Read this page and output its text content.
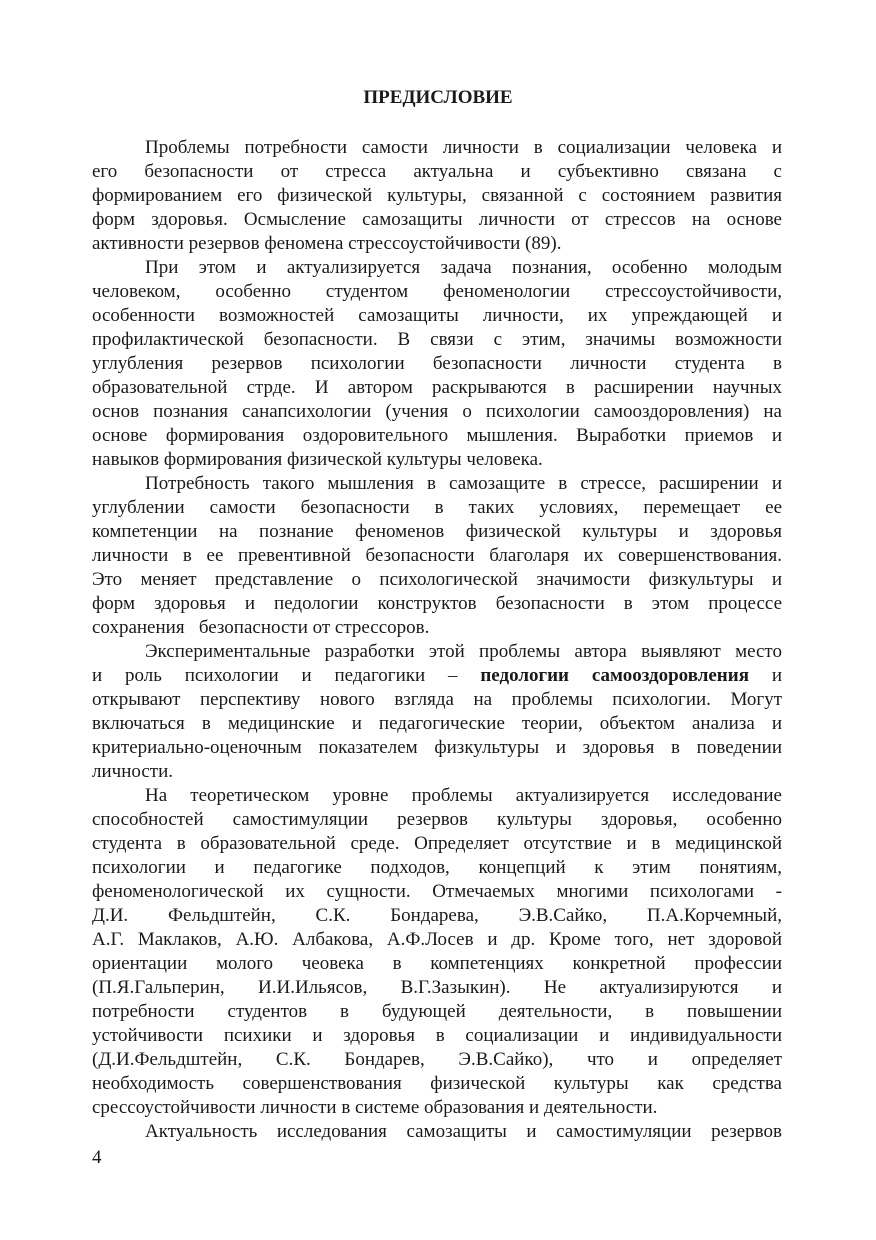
ПРЕДИСЛОВИЕ

Проблемы потребности самости личности в социализации человека и

его безопасности от стресса актуальна и субъективно связана с

формированием его физической культуры, связанной с состоянием развития

форм здоровья. Осмысление самозащиты личности от стрессов на основе

активности резервов феномена стрессоустойчивости (89).

При этом и актуализируется задача познания, особенно молодым

человеком, особенно студентом феноменологии стрессоустойчивости,

особенности возможностей самозащиты личности, их упреждающей и

профилактической безопасности. В связи с этим, значимы возможности

углубления резервов психологии безопасности личности студента в

образовательной стрде. И автором раскрываются в расширении научных

основ познания санапсихологии (учения о психологии самооздоровления) на

основе формирования оздоровительного мышления. Выработки приемов и

навыков формирования физической культуры человека.

Потребность такого мышления в самозащите в стрессе, расширении и

углублении самости безопасности в таких условиях, перемещает ее

компетенции на познание феноменов физической культуры и здоровья

личности в ее превентивной безопасности благоларя их совершенствования.

Это меняет представление о психологической значимости физкультуры и

форм здоровья и педологии конструктов безопасности в этом процессе

сохранения   безопасности от стрессоров.

Экспериментальные разработки этой проблемы автора выявляют место

и роль психологии и педагогики – педологии самооздоровления и

открывают перспективу нового взгляда на проблемы психологии. Могут

включаться в медицинские и педагогические теории, объектом анализа и

критериально-оценочным показателем физкультуры и здоровья в поведении

личности.

На теоретическом уровне проблемы актуализируется исследование

способностей самостимуляции резервов культуры здоровья, особенно

студента в образовательной среде. Определяет отсутствие и в медицинской

психологии и педагогике подходов, концепций к этим понятиям,

феноменологической их сущности. Отмечаемых многими психологами -

Д.И. Фельдштейн, С.К. Бондарева, Э.В.Сайко, П.А.Корчемный,

А.Г. Маклаков, А.Ю. Албакова, А.Ф.Лосев и др. Кроме того, нет здоровой

ориентации молого чеовека в компетенциях конкретной профессии

(П.Я.Гальперин, И.И.Ильясов, В.Г.Зазыкин). Не актуализируются и

потребности студентов в будующей деятельности, в повышении

устойчивости психики и здоровья в социализации и индивидуальности

(Д.И.Фельдштейн, С.К. Бондарев, Э.В.Сайко), что и определяет

необходимость совершенствования физической культуры как средства

срессоустойчивости личности в системе образования и деятельности.

Актуальность исследования самозащиты и самостимуляции резервов

4
